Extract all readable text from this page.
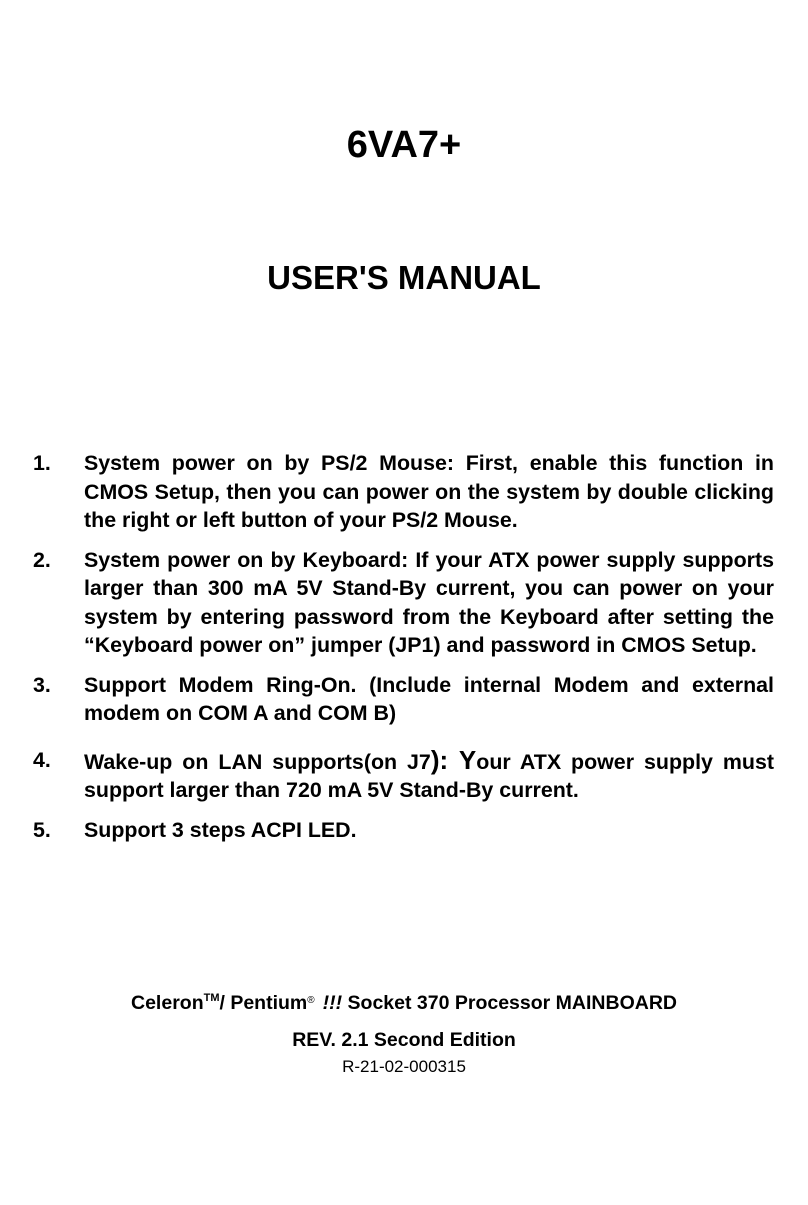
6VA7+
USER'S MANUAL
1. System power on by PS/2 Mouse: First, enable this function in CMOS Setup, then you can power on the system by double clicking the right or left button of your PS/2 Mouse.
2. System power on by Keyboard: If your ATX power supply supports larger than 300 mA 5V Stand-By current, you can power on your system by entering password from the Keyboard after setting the “Keyboard power on” jumper (JP1) and password in CMOS Setup.
3. Support Modem Ring-On. (Include internal Modem and external modem on COM A and COM B)
4. Wake-up on LAN supports(on J7): Your ATX power supply must support larger than 720 mA 5V Stand-By current.
5. Support 3 steps ACPI LED.
Celeron™/ Pentium® !!! Socket 370 Processor MAINBOARD
REV. 2.1 Second Edition
R-21-02-000315
